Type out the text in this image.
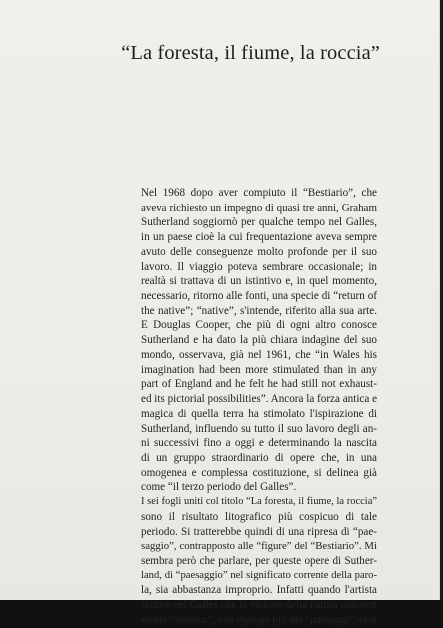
“La foresta, il fiume, la roccia”
Nel 1968 dopo aver compiuto il “Bestiario”, che
aveva richiesto un impegno di quasi tre anni, Graham
Sutherland soggiornò per qualche tempo nel Galles,
in un paese cioè la cui frequentazione aveva sempre
avuto delle conseguenze molto profonde per il suo
lavoro. Il viaggio poteva sembrare occasionale; in
realtà si trattava di un istintivo e, in quel momento,
necessario, ritorno alle fonti, una specie di “return of
the native”; “native”, s'intende, riferito alla sua arte.
E Douglas Cooper, che più di ogni altro conosce
Sutherland e ha dato la più chiara indagine del suo
mondo, osservava, già nel 1961, che “in Wales his
imagination had been more stimulated than in any
part of England and he felt he had still not exhaust-
ed its pictorial possibilities”. Ancora la forza antica e
magica di quella terra ha stimolato l'ispirazione di
Sutherland, influendo su tutto il suo lavoro degli an-
ni successivi fino a oggi e determinando la nascita
di un gruppo straordinario di opere che, in una
omogenea e complessa costituzione, si delinea già
come “il terzo periodo del Galles”.
I sei fogli uniti col titolo “La foresta, il fiume, la roccia”
sono il risultato litografico più cospicuo di tale
periodo. Si tratterebbe quindi di una ripresa di “pae-
saggio”, contrapposto alle “figure” del “Bestiario”. Mi
sembra però che parlare, per queste opere di Suther-
land, di “paesaggio” nel significato corrente della paro-
la, sia abbastanza improprio. Infatti quando l'artista
scopre nel Galles che la visione della natura può non
essere “scenica”, non dipinge più dei “paesaggi”, cioè
